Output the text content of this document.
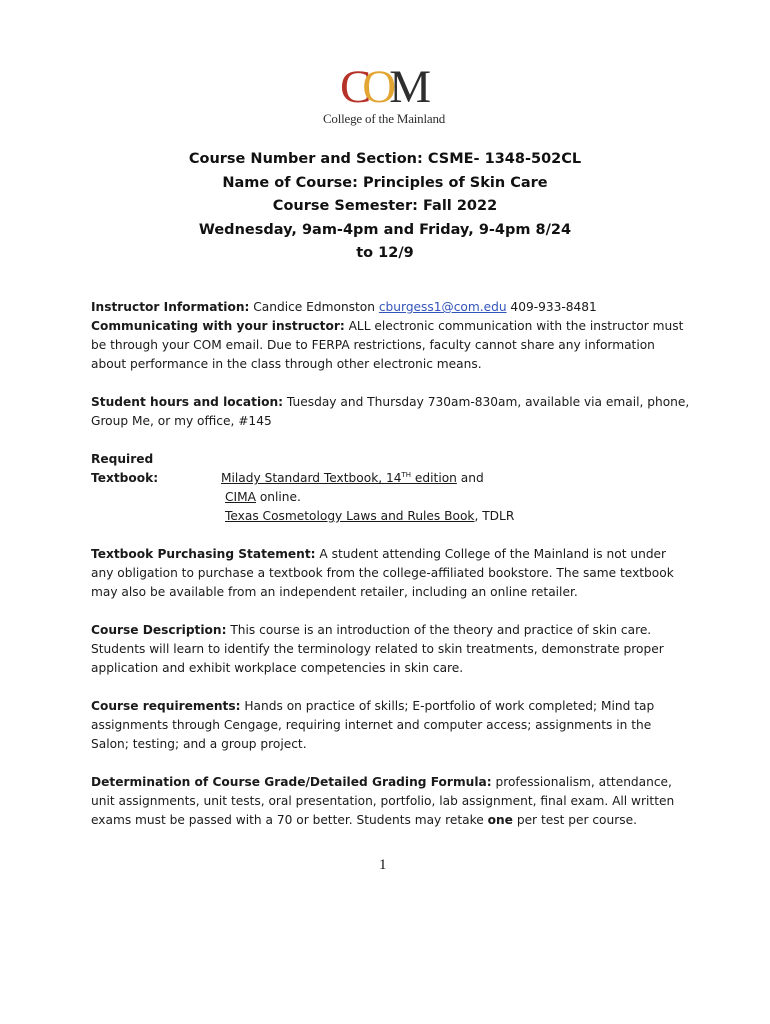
COM
College of the Mainland
Course Number and Section: CSME- 1348-502CL
Name of Course: Principles of Skin Care
Course Semester: Fall 2022
Wednesday, 9am-4pm and Friday, 9-4pm 8/24
to 12/9

Instructor Information: Candice Edmonston cburgess1@com.edu 409-933-8481

Communicating with your instructor: ALL electronic communication with the instructor must be through your COM email. Due to FERPA restrictions, faculty cannot share any information about performance in the class through other electronic means.

Student hours and location: Tuesday and Thursday 730am-830am, available via email, phone, Group Me, or my office, #145

Required Textbook:	Milady Standard Textbook, 14TH edition and
CIMA online.
Texas Cosmetology Laws and Rules Book, TDLR

Textbook Purchasing Statement: A student attending College of the Mainland is not under any obligation to purchase a textbook from the college-affiliated bookstore. The same textbook may also be available from an independent retailer, including an online retailer.

Course Description: This course is an introduction of the theory and practice of skin care. Students will learn to identify the terminology related to skin treatments, demonstrate proper application and exhibit workplace competencies in skin care.

Course requirements: Hands on practice of skills; E-portfolio of work completed; Mind tap assignments through Cengage, requiring internet and computer access; assignments in the Salon; testing; and a group project.

Determination of Course Grade/Detailed Grading Formula: professionalism, attendance, unit assignments, unit tests, oral presentation, portfolio, lab assignment, final exam. All written exams must be passed with a 70 or better. Students may retake one per test per course.

1
